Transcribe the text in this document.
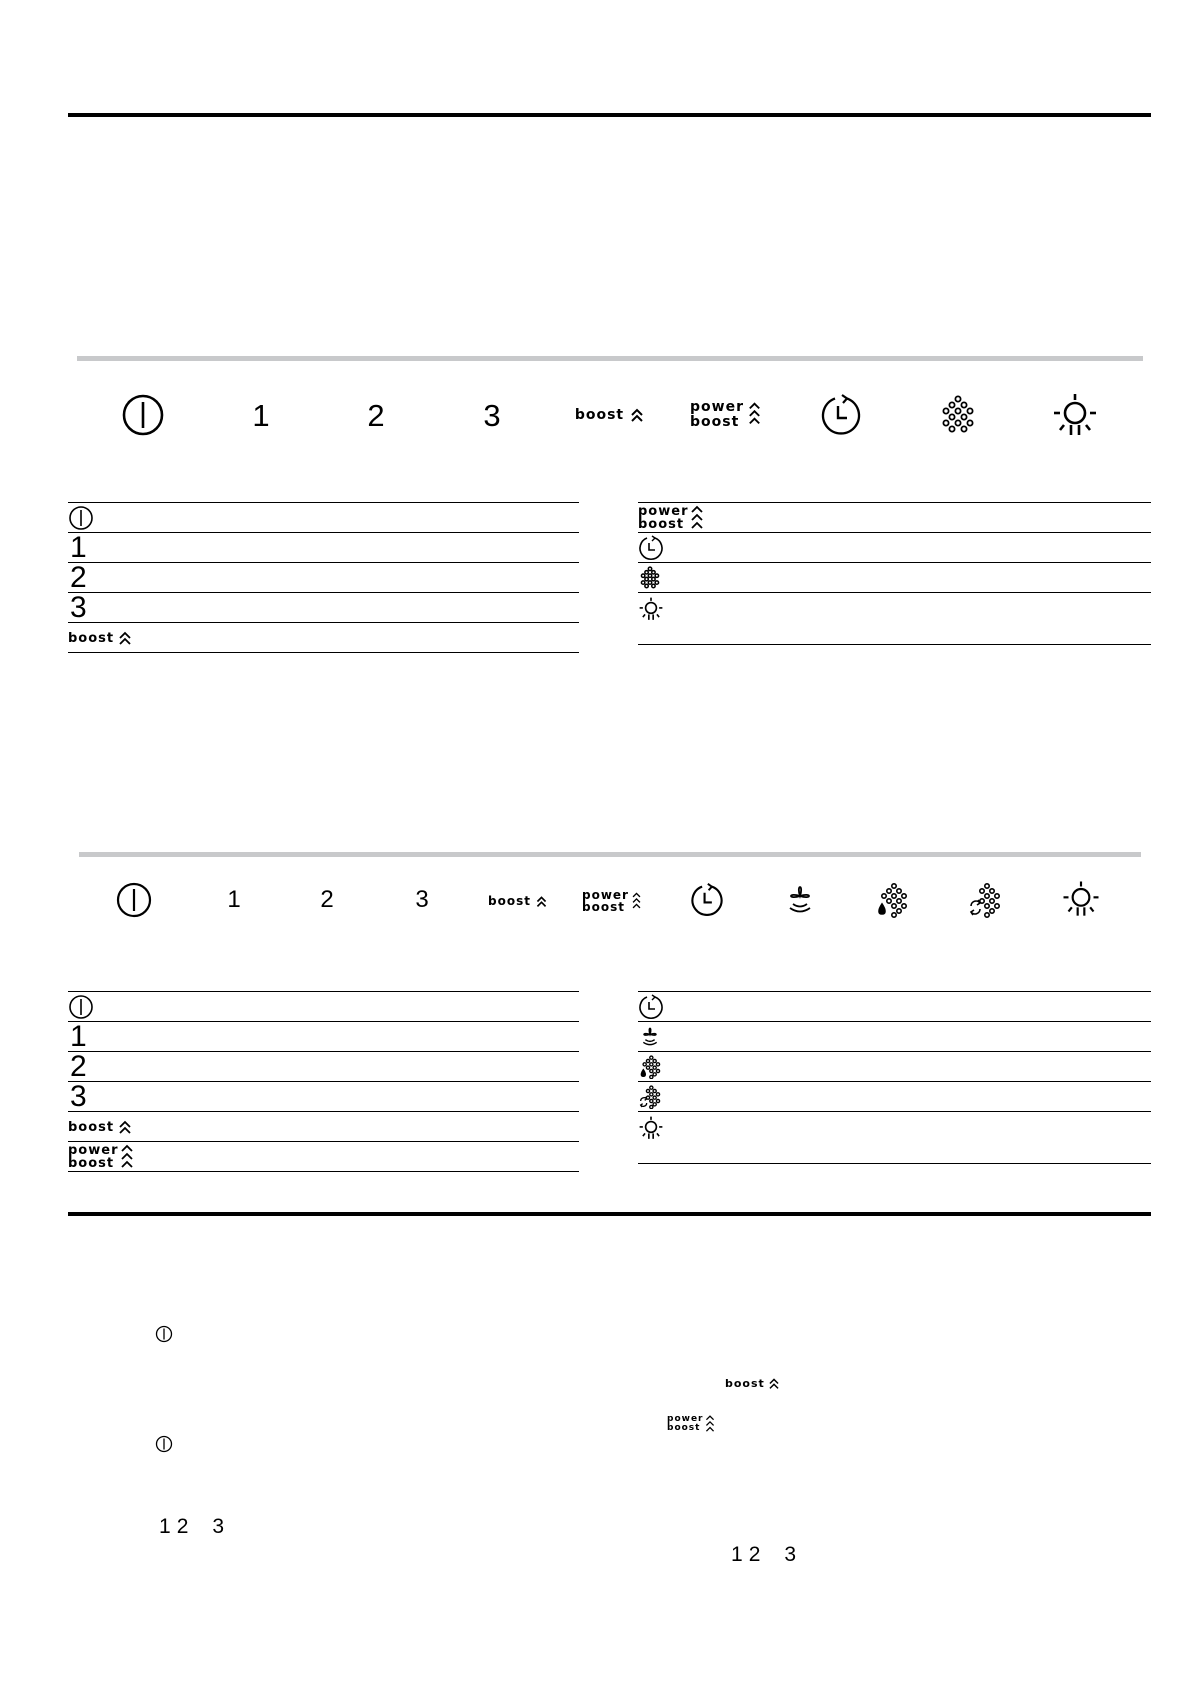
1	2	3	boost
power
boost
1
2
3
boost
power
boost
1	2	3	boost	power
boost
1
2
3
boost
power
boost
1 2 3
boost
power
boost
1 2 3
